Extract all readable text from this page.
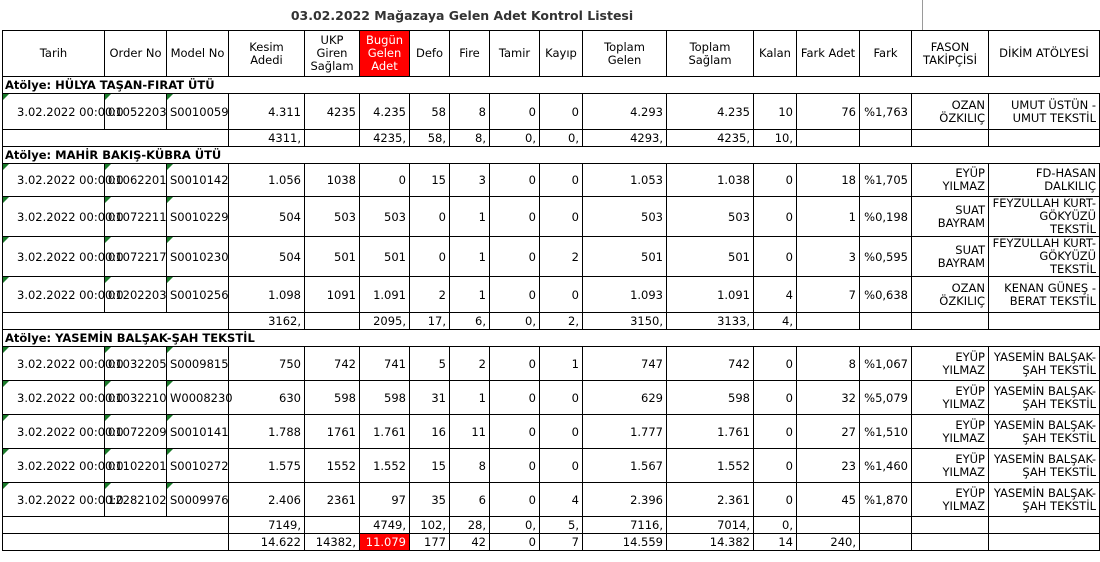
03.02.2022 Mağazaya Gelen Adet Kontrol Listesi
Tarih	Order No	Model No	Kesim Adedi	UKP Giren Sağlam	Bugün Gelen Adet	Defo	Fire	Tamir	Kayıp	Toplam Gelen	Toplam Sağlam	Kalan	Fark Adet	Fark	FASON TAKİPÇİSİ	DİKİM ATÖLYESİ
Atölye: HÜLYA TAŞAN-FIRAT ÜTÜ																
3.02.2022 00:00:0	01052203	S0010059	4.311	4235	4.235	58	8	0	0	4.293	4.235	10	76	%1,763	OZAN ÖZKILIÇ	UMUT ÜSTÜN - UMUT TEKSTİL
			4311,		4235,	58,	8,	0,	0,	4293,	4235,	10,				
Atölye: MAHİR BAKIŞ-KÜBRA ÜTÜ																
3.02.2022 00:00:0	01062201	S0010142	1.056	1038	0	15	3	0	0	1.053	1.038	0	18	%1,705	EYÜP YILMAZ	FD-HASAN DALKILIÇ
3.02.2022 00:00:0	01072211	S0010229	504	503	503	0	1	0	0	503	503	0	1	%0,198	SUAT BAYRAM	FEYZULLAH KURT- GÖKYÜZÜ TEKSTİL
3.02.2022 00:00:0	01072217	S0010230	504	501	501	0	1	0	2	501	501	0	3	%0,595	SUAT BAYRAM	FEYZULLAH KURT- GÖKYÜZÜ TEKSTİL
3.02.2022 00:00:0	01202203	S0010256	1.098	1091	1.091	2	1	0	0	1.093	1.091	4	7	%0,638	OZAN ÖZKILIÇ	KENAN GÜNEŞ - BERAT TEKSTİL
			3162,		2095,	17,	6,	0,	2,	3150,	3133,	4,				
Atölye: YASEMİN BALŞAK-ŞAH TEKSTİL																
3.02.2022 00:00:0	01032205	S0009815	750	742	741	5	2	0	1	747	742	0	8	%1,067	EYÜP YILMAZ	YASEMİN BALŞAK-ŞAH TEKSTİL
3.02.2022 00:00:0	01032210	W0008230	630	598	598	31	1	0	0	629	598	0	32	%5,079	EYÜP YILMAZ	YASEMİN BALŞAK-ŞAH TEKSTİL
3.02.2022 00:00:0	01072209	S0010141	1.788	1761	1.761	16	11	0	0	1.777	1.761	0	27	%1,510	EYÜP YILMAZ	YASEMİN BALŞAK-ŞAH TEKSTİL
3.02.2022 00:00:0	01102201	S0010272	1.575	1552	1.552	15	8	0	0	1.567	1.552	0	23	%1,460	EYÜP YILMAZ	YASEMİN BALŞAK-ŞAH TEKSTİL
3.02.2022 00:00:0	12282102	S0009976	2.406	2361	97	35	6	0	4	2.396	2.361	0	45	%1,870	EYÜP YILMAZ	YASEMİN BALŞAK-ŞAH TEKSTİL
			7149,		4749,	102,	28,	0,	5,	7116,	7014,	0,				
			14.622	14382,	11.079	177	42	0	7	14.559	14.382	14	240,			
